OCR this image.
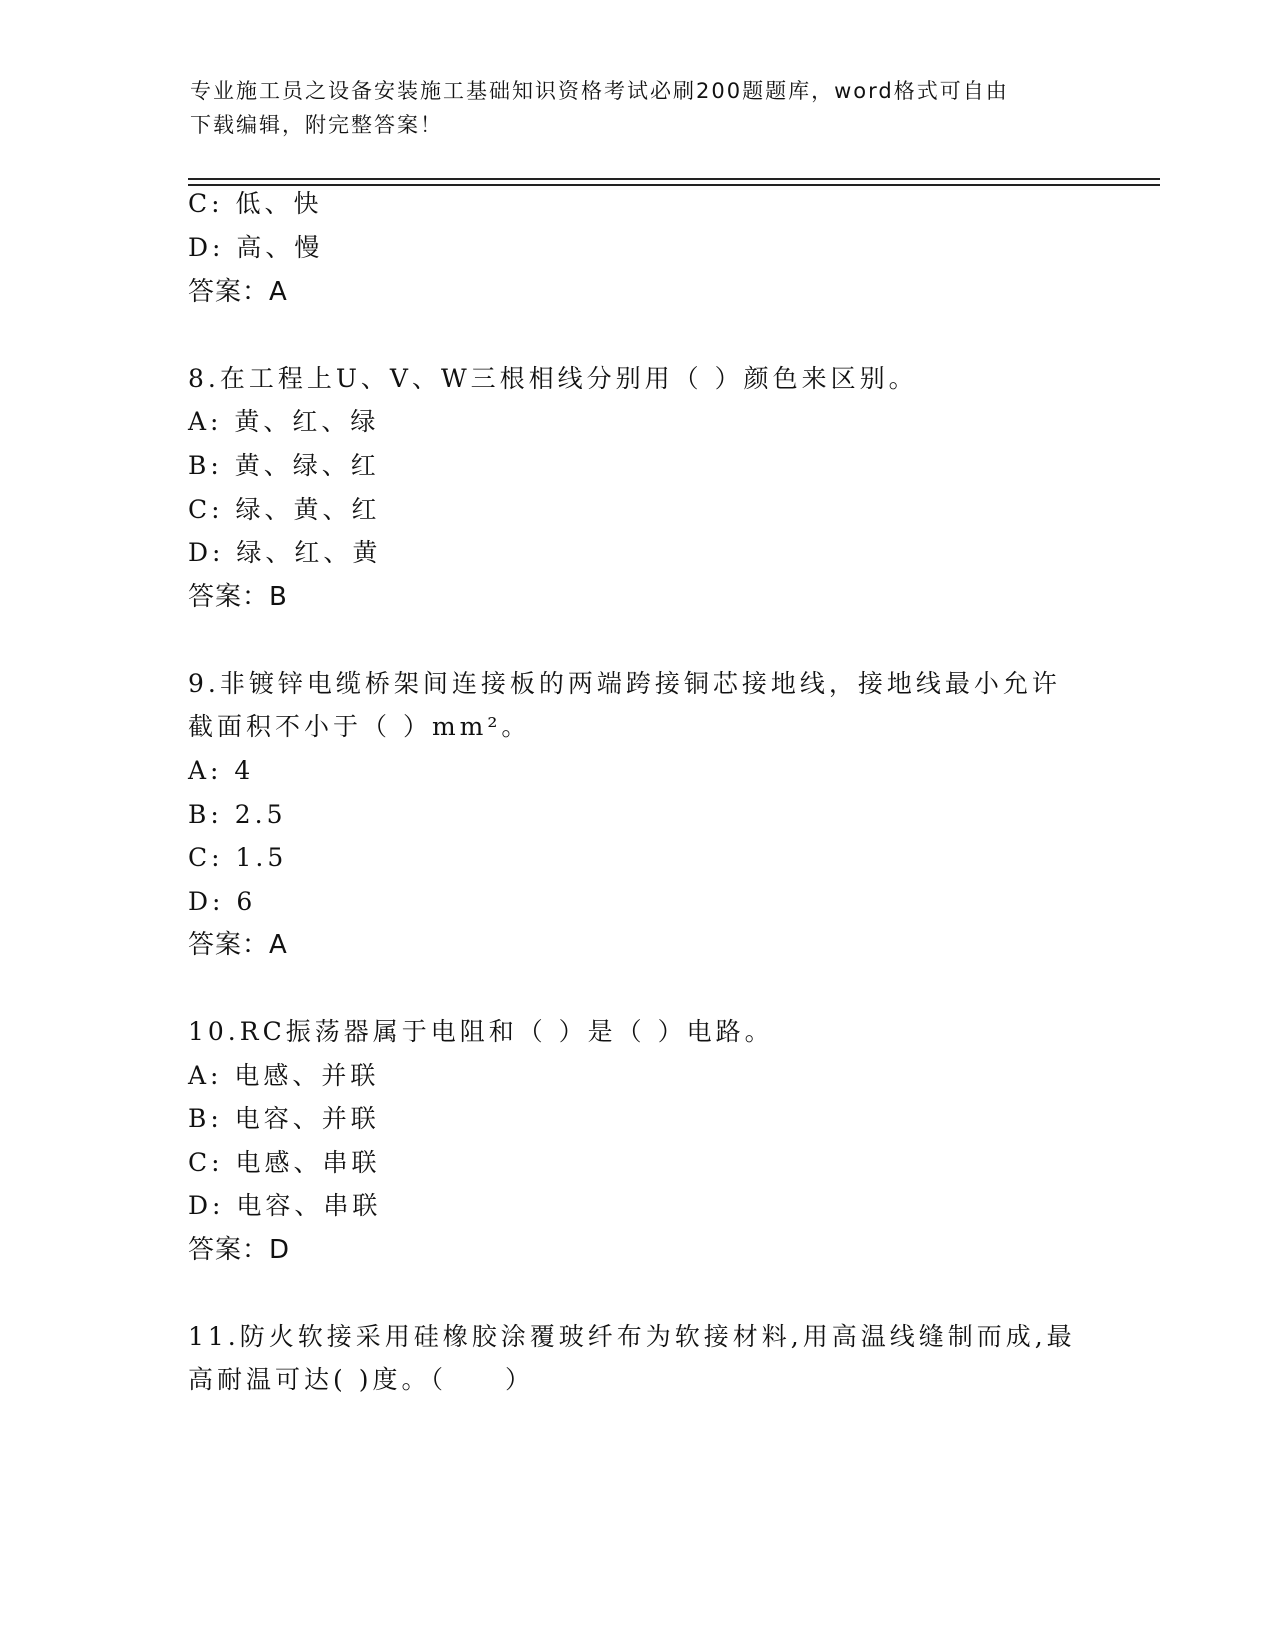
专业施工员之设备安装施工基础知识资格考试必刷200题题库，word格式可自由
下载编辑，附完整答案！
C: 低、快
D: 高、慢
答案：A
8.在工程上U、V、W三根相线分别用（ ）颜色来区别。
A: 黄、红、绿
B: 黄、绿、红
C: 绿、黄、红
D: 绿、红、黄
答案：B
9.非镀锌电缆桥架间连接板的两端跨接铜芯接地线，接地线最小允许
截面积不小于（ ）mm²。
A: 4
B: 2.5
C: 1.5
D: 6
答案：A
10.RC振荡器属于电阻和（ ）是（ ）电路。
A: 电感、并联
B: 电容、并联
C: 电感、串联
D: 电容、串联
答案：D
11.防火软接采用硅橡胶涂覆玻纤布为软接材料,用高温线缝制而成,最
高耐温可达( )度。（　　）
